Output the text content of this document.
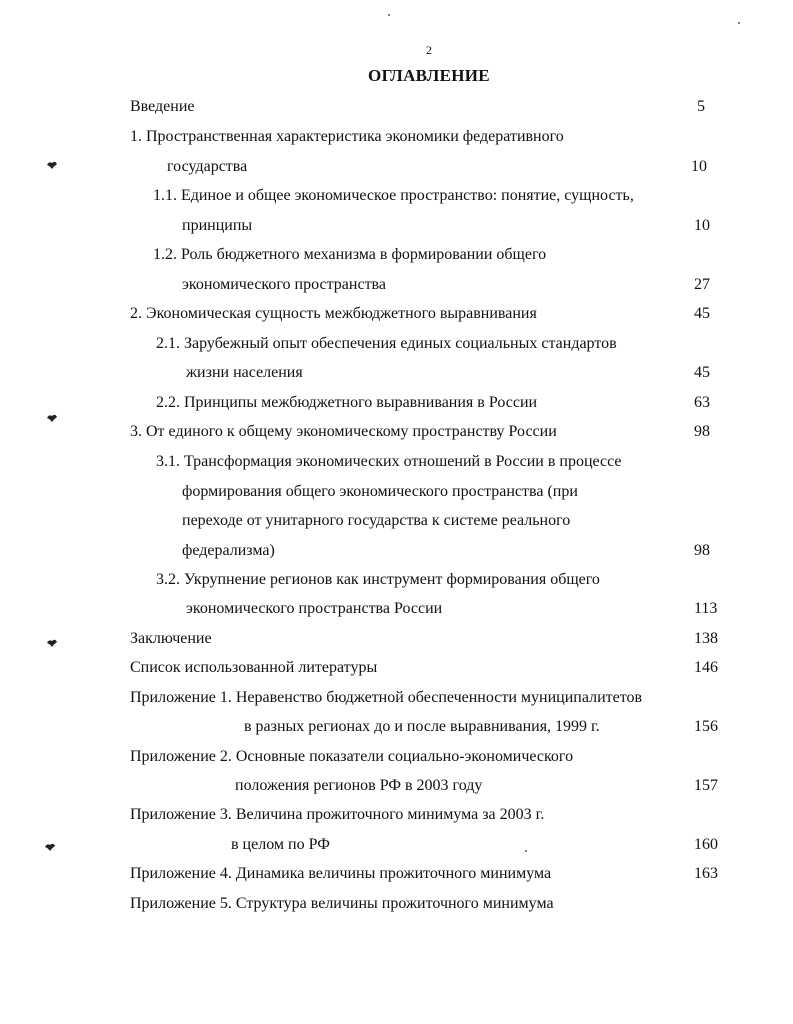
2
ОГЛАВЛЕНИЕ
Введение	5
1. Пространственная характеристика экономики федеративного
государства	10
1.1. Единое и общее экономическое пространство: понятие, сущность,
принципы	10
1.2. Роль бюджетного механизма в формировании общего
экономического пространства	27
2. Экономическая сущность межбюджетного выравнивания	45
2.1. Зарубежный опыт обеспечения единых социальных стандартов
жизни населения	45
2.2. Принципы межбюджетного выравнивания в России	63
3. От единого к общему экономическому пространству России	98
3.1. Трансформация экономических отношений в России в процессе
формирования общего экономического пространства (при
переходе от унитарного государства к системе реального
федерализма)	98
3.2. Укрупнение регионов как инструмент формирования общего
экономического пространства России	113
Заключение	138
Список использованной литературы	146
Приложение 1. Неравенство бюджетной обеспеченности муниципалитетов
в разных регионах до и после выравнивания, 1999 г.	156
Приложение 2. Основные показатели социально-экономического
положения регионов РФ в 2003 году	157
Приложение 3. Величина прожиточного минимума за 2003 г.
в целом по РФ	160
Приложение 4. Динамика величины прожиточного минимума	163
Приложение 5. Структура величины прожиточного минимума
